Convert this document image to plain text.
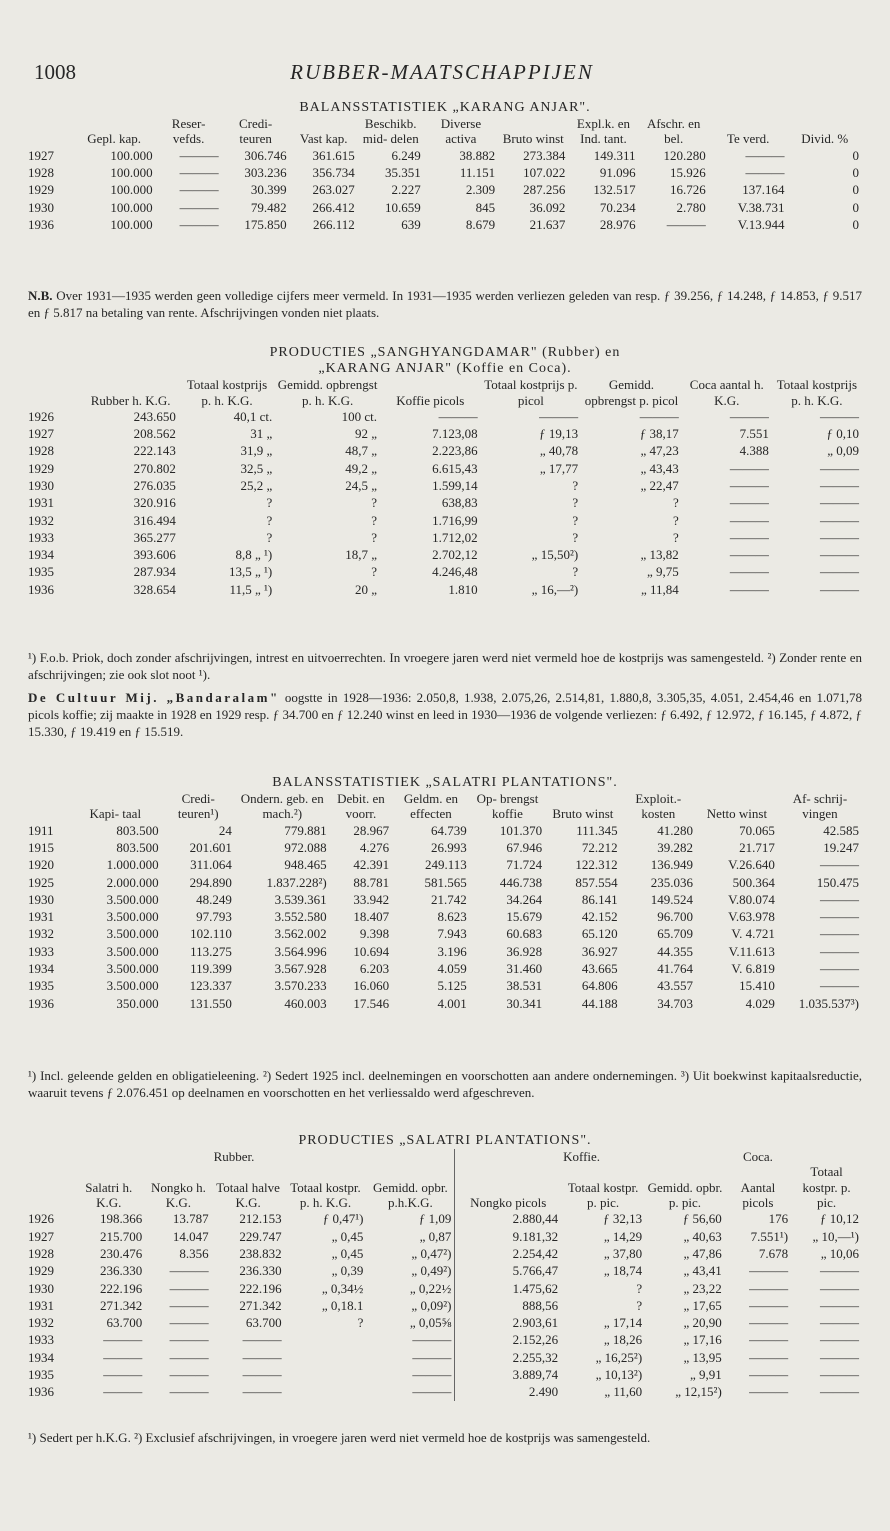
1008	RUBBER-MAATSCHAPPIJEN
BALANSSTATISTIEK „KARANG ANJAR".
	Gepl. kap.	Reser- vefds.	Credi- teuren	Vast kap.	Beschikb. mid- delen	Diverse activa	Bruto winst	Expl.k. en Ind. tant.	Afschr. en bel.	Te verd.	Divid. %
1927	100.000	———	306.746	361.615	6.249	38.882	273.384	149.311	120.280	———	0
1928	100.000	———	303.236	356.734	35.351	11.151	107.022	91.096	15.926	———	0
1929	100.000	———	30.399	263.027	2.227	2.309	287.256	132.517	16.726	137.164	0
1930	100.000	———	79.482	266.412	10.659	845	36.092	70.234	2.780	V.38.731	0
1936	100.000	———	175.850	266.112	639	8.679	21.637	28.976	———	V.13.944	0

N.B. Over 1931—1935 werden geen volledige cijfers meer vermeld. In 1931—1935 werden verliezen geleden van resp. ƒ 39.256, ƒ 14.248, ƒ 14.853, ƒ 9.517 en ƒ 5.817 na betaling van rente. Afschrijvingen vonden niet plaats.

PRODUCTIES „SANGHYANGDAMAR" (Rubber) en
„KARANG ANJAR" (Koffie en Coca).
	Rubber h. K.G.	Totaal kostprijs p. h. K.G.	Gemidd. opbrengst p. h. K.G.	Koffie picols	Totaal kostprijs p. picol	Gemidd. opbrengst p. picol	Coca aantal h. K.G.	Totaal kostprijs p. h. K.G.
1926	243.650	40,1 ct.	100 ct.	———	———	———	———	———
1927	208.562	31 „	92 „	7.123,08	ƒ 19,13	ƒ 38,17	7.551	ƒ 0,10
1928	222.143	31,9 „	48,7 „	2.223,86	„ 40,78	„ 47,23	4.388	„ 0,09
1929	270.802	32,5 „	49,2 „	6.615,43	„ 17,77	„ 43,43	———	———
1930	276.035	25,2 „	24,5 „	1.599,14	?	„ 22,47	———	———
1931	320.916	?	?	638,83	?	?	———	———
1932	316.494	?	?	1.716,99	?	?	———	———
1933	365.277	?	?	1.712,02	?	?	———	———
1934	393.606	8,8 „ ¹)	18,7 „	2.702,12	„ 15,50²)	„ 13,82	———	———
1935	287.934	13,5 „ ¹)	?	4.246,48	?	„ 9,75	———	———
1936	328.654	11,5 „ ¹)	20 „	1.810	„ 16,—²)	„ 11,84	———	———

¹) F.o.b. Priok, doch zonder afschrijvingen, intrest en uitvoerrechten. In vroegere jaren werd niet vermeld hoe de kostprijs was samengesteld. ²) Zonder rente en afschrijvingen; zie ook slot noot ¹).

De Cultuur Mij. „Bandaralam" oogstte in 1928—1936: 2.050,8, 1.938, 2.075,26, 2.514,81, 1.880,8, 3.305,35, 4.051, 2.454,46 en 1.071,78 picols koffie; zij maakte in 1928 en 1929 resp. ƒ 34.700 en ƒ 12.240 winst en leed in 1930—1936 de volgende verliezen: ƒ 6.492, ƒ 12.972, ƒ 16.145, ƒ 4.872, ƒ 15.330, ƒ 19.419 en ƒ 15.519.

BALANSSTATISTIEK „SALATRI PLANTATIONS".
	Kapi- taal	Credi- teuren¹)	Ondern. geb. en mach.²)	Debit. en voorr.	Geldm. en effecten	Op- brengst koffie	Bruto winst	Exploit.- kosten	Netto winst	Af- schrij- vingen
1911	803.500	24	779.881	28.967	64.739	101.370	111.345	41.280	70.065	42.585
1915	803.500	201.601	972.088	4.276	26.993	67.946	72.212	39.282	21.717	19.247
1920	1.000.000	311.064	948.465	42.391	249.113	71.724	122.312	136.949	V.26.640	———
1925	2.000.000	294.890	1.837.228²)	88.781	581.565	446.738	857.554	235.036	500.364	150.475
1930	3.500.000	48.249	3.539.361	33.942	21.742	34.264	86.141	149.524	V.80.074	———
1931	3.500.000	97.793	3.552.580	18.407	8.623	15.679	42.152	96.700	V.63.978	———
1932	3.500.000	102.110	3.562.002	9.398	7.943	60.683	65.120	65.709	V. 4.721	———
1933	3.500.000	113.275	3.564.996	10.694	3.196	36.928	36.927	44.355	V.11.613	———
1934	3.500.000	119.399	3.567.928	6.203	4.059	31.460	43.665	41.764	V. 6.819	———
1935	3.500.000	123.337	3.570.233	16.060	5.125	38.531	64.806	43.557	15.410	———
1936	350.000	131.550	460.003	17.546	4.001	30.341	44.188	34.703	4.029	1.035.537³)

¹) Incl. geleende gelden en obligatieleening. ²) Sedert 1925 incl. deelnemingen en voorschotten aan andere ondernemingen. ³) Uit boekwinst kapitaalsreductie, waaruit tevens ƒ 2.076.451 op deelnamen en voorschotten en het verliessaldo werd afgeschreven.

PRODUCTIES „SALATRI PLANTATIONS".
			Rubber.				Koffie.		Coca.	
	Salatri h. K.G.	Nongko h. K.G.	Totaal halve K.G.	Totaal kostpr. p. h. K.G.	Gemidd. opbr. p.h.K.G.	Nongko picols	Totaal kostpr. p. pic.	Gemidd. opbr. p. pic.	Aantal picols	Totaal kostpr. p. pic.
1926	198.366	13.787	212.153	ƒ 0,47¹)	ƒ 1,09	2.880,44	ƒ 32,13	ƒ 56,60	176	ƒ 10,12
1927	215.700	14.047	229.747	„ 0,45	„ 0,87	9.181,32	„ 14,29	„ 40,63	7.551¹)	„ 10,—¹)
1928	230.476	8.356	238.832	„ 0,45	„ 0,47²)	2.254,42	„ 37,80	„ 47,86	7.678	„ 10,06
1929	236.330	———	236.330	„ 0,39	„ 0,49²)	5.766,47	„ 18,74	„ 43,41	———	———
1930	222.196	———	222.196	„ 0,34½	„ 0,22½	1.475,62	?	„ 23,22	———	———
1931	271.342	———	271.342	„ 0,18.1	„ 0,09²)	888,56	?	„ 17,65	———	———
1932	63.700	———	63.700	?	„ 0,05⅝	2.903,61	„ 17,14	„ 20,90	———	———
1933	———	———	———		———	2.152,26	„ 18,26	„ 17,16	———	———
1934	———	———	———		———	2.255,32	„ 16,25²)	„ 13,95	———	———
1935	———	———	———		———	3.889,74	„ 10,13²)	„ 9,91	———	———
1936	———	———	———		———	2.490	„ 11,60	„ 12,15²)	———	———

¹) Sedert per h.K.G. ²) Exclusief afschrijvingen, in vroegere jaren werd niet vermeld hoe de kostprijs was samengesteld.
